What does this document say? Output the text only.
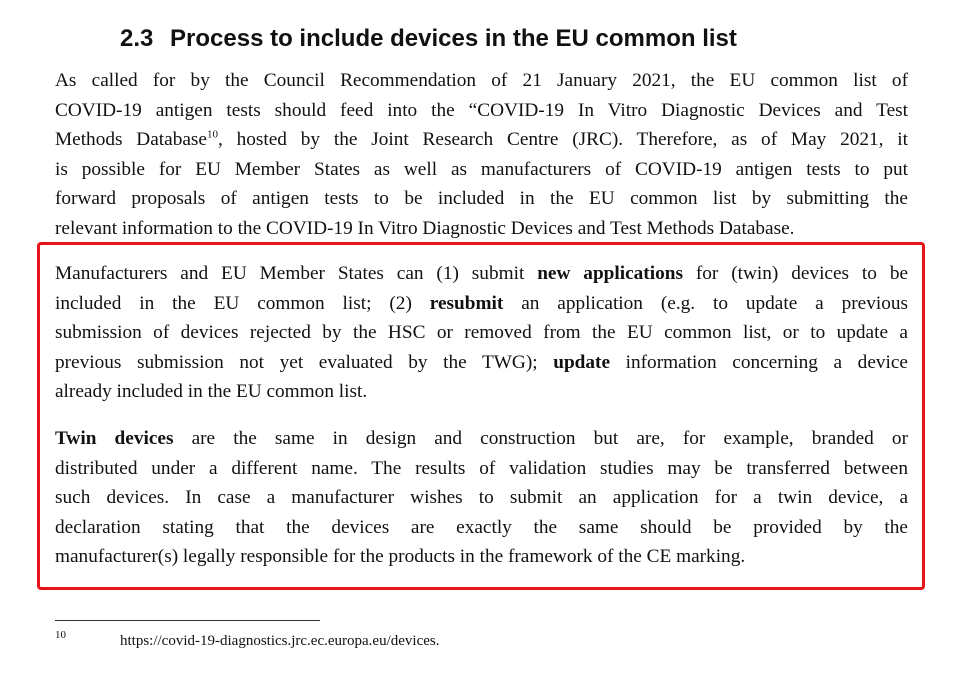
2.3 Process to include devices in the EU common list
As called for by the Council Recommendation of 21 January 2021, the EU common list of
COVID-19 antigen tests should feed into the “COVID-19 In Vitro Diagnostic Devices and Test
Methods Database$^{10}$, hosted by the Joint Research Centre (JRC). Therefore, as of May 2021, it
is possible for EU Member States as well as manufacturers of COVID-19 antigen tests to put
forward proposals of antigen tests to be included in the EU common list by submitting the
relevant information to the COVID-19 In Vitro Diagnostic Devices and Test Methods Database.
Manufacturers and EU Member States can (1) submit new applications for (twin) devices to be
included in the EU common list; (2) resubmit an application (e.g. to update a previous
submission of devices rejected by the HSC or removed from the EU common list, or to update a
previous submission not yet evaluated by the TWG); update information concerning a device
already included in the EU common list.
Twin devices are the same in design and construction but are, for example, branded or
distributed under a different name. The results of validation studies may be transferred between
such devices. In case a manufacturer wishes to submit an application for a twin device, a
declaration stating that the devices are exactly the same should be provided by the
manufacturer(s) legally responsible for the products in the framework of the CE marking.
10	https://covid-19-diagnostics.jrc.ec.europa.eu/devices.
